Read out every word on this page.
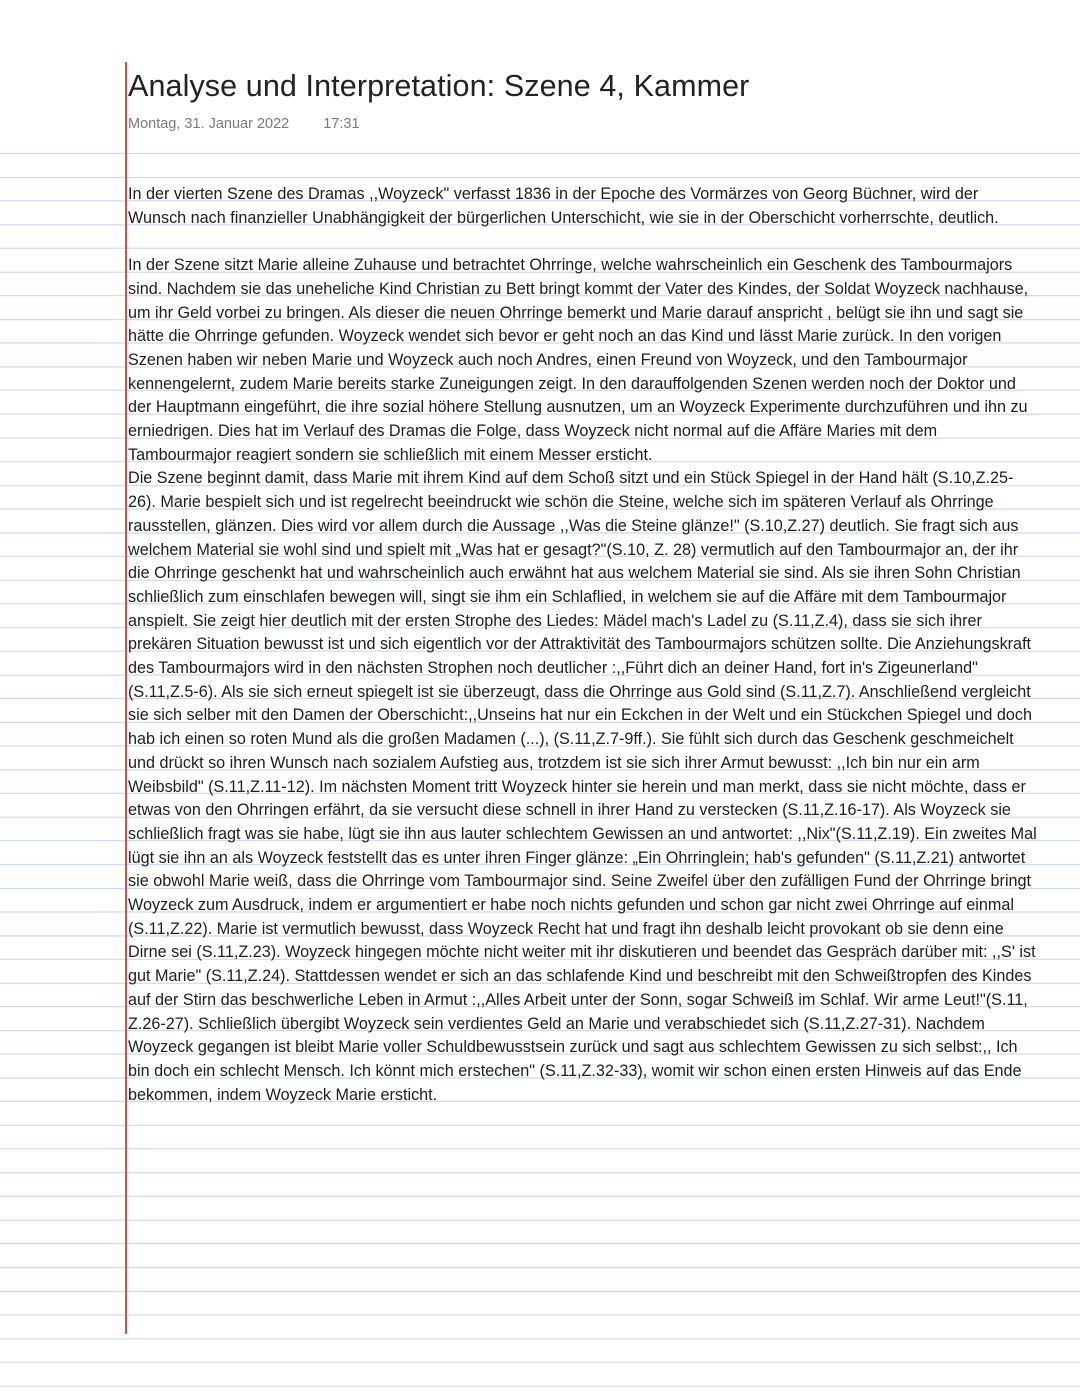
Analyse und Interpretation: Szene 4, Kammer
Montag, 31. Januar 2022 17:31

In der vierten Szene des Dramas ,,Woyzeck" verfasst 1836 in der Epoche des Vormärzes von Georg Büchner, wird der Wunsch nach finanzieller Unabhängigkeit der bürgerlichen Unterschicht, wie sie in der Oberschicht vorherrschte, deutlich.

In der Szene sitzt Marie alleine Zuhause und betrachtet Ohrringe, welche wahrscheinlich ein Geschenk des Tambourmajors sind. Nachdem sie das uneheliche Kind Christian zu Bett bringt kommt der Vater des Kindes, der Soldat Woyzeck nachhause, um ihr Geld vorbei zu bringen. Als dieser die neuen Ohrringe bemerkt und Marie darauf anspricht , belügt sie ihn und sagt sie hätte die Ohrringe gefunden. Woyzeck wendet sich bevor er geht noch an das Kind und lässt Marie zurück. In den vorigen Szenen haben wir neben Marie und Woyzeck auch noch Andres, einen Freund von Woyzeck, und den Tambourmajor kennengelernt, zudem Marie bereits starke Zuneigungen zeigt. In den darauffolgenden Szenen werden noch der Doktor und der Hauptmann eingeführt, die ihre sozial höhere Stellung ausnutzen, um an Woyzeck Experimente durchzuführen und ihn zu erniedrigen. Dies hat im Verlauf des Dramas die Folge, dass Woyzeck nicht normal auf die Affäre Maries mit dem Tambourmajor reagiert sondern sie schließlich mit einem Messer ersticht.

Die Szene beginnt damit, dass Marie mit ihrem Kind auf dem Schoß sitzt und ein Stück Spiegel in der Hand hält (S.10,Z.25-26). Marie bespielt sich und ist regelrecht beeindruckt wie schön die Steine, welche sich im späteren Verlauf als Ohrringe rausstellen, glänzen. Dies wird vor allem durch die Aussage ,,Was die Steine glänze!" (S.10,Z.27) deutlich. Sie fragt sich aus welchem Material sie wohl sind und spielt mit „Was hat er gesagt?"(S.10, Z. 28) vermutlich auf den Tambourmajor an, der ihr die Ohrringe geschenkt hat und wahrscheinlich auch erwähnt hat aus welchem Material sie sind. Als sie ihren Sohn Christian schließlich zum einschlafen bewegen will, singt sie ihm ein Schlaflied, in welchem sie auf die Affäre mit dem Tambourmajor anspielt. Sie zeigt hier deutlich mit der ersten Strophe des Liedes: Mädel mach's Ladel zu (S.11,Z.4), dass sie sich ihrer prekären Situation bewusst ist und sich eigentlich vor der Attraktivität des Tambourmajors schützen sollte. Die Anziehungskraft des Tambourmajors wird in den nächsten Strophen noch deutlicher :,,Führt dich an deiner Hand, fort in's Zigeunerland"(S.11,Z.5-6). Als sie sich erneut spiegelt ist sie überzeugt, dass die Ohrringe aus Gold sind (S.11,Z.7). Anschließend vergleicht sie sich selber mit den Damen der Oberschicht:,,Unseins hat nur ein Eckchen in der Welt und ein Stückchen Spiegel und doch hab ich einen so roten Mund als die großen Madamen (...), (S.11,Z.7-9ff.). Sie fühlt sich durch das Geschenk geschmeichelt und drückt so ihren Wunsch nach sozialem Aufstieg aus, trotzdem ist sie sich ihrer Armut bewusst: ,,Ich bin nur ein arm Weibsbild" (S.11,Z.11-12). Im nächsten Moment tritt Woyzeck hinter sie herein und man merkt, dass sie nicht möchte, dass er etwas von den Ohrringen erfährt, da sie versucht diese schnell in ihrer Hand zu verstecken (S.11,Z.16-17). Als Woyzeck sie schließlich fragt was sie habe, lügt sie ihn aus lauter schlechtem Gewissen an und antwortet: ,,Nix"(S.11,Z.19). Ein zweites Mal lügt sie ihn an als Woyzeck feststellt das es unter ihren Finger glänze: „Ein Ohrringlein; hab's gefunden" (S.11,Z.21) antwortet sie obwohl Marie weiß, dass die Ohrringe vom Tambourmajor sind. Seine Zweifel über den zufälligen Fund der Ohrringe bringt Woyzeck zum Ausdruck, indem er argumentiert er habe noch nichts gefunden und schon gar nicht zwei Ohrringe auf einmal (S.11,Z.22). Marie ist vermutlich bewusst, dass Woyzeck Recht hat und fragt ihn deshalb leicht provokant ob sie denn eine Dirne sei (S.11,Z.23). Woyzeck hingegen möchte nicht weiter mit ihr diskutieren und beendet das Gespräch darüber mit: ,,S' ist gut Marie" (S.11,Z.24). Stattdessen wendet er sich an das schlafende Kind und beschreibt mit den Schweißtropfen des Kindes auf der Stirn das beschwerliche Leben in Armut :,,Alles Arbeit unter der Sonn, sogar Schweiß im Schlaf. Wir arme Leut!"(S.11, Z.26-27). Schließlich übergibt Woyzeck sein verdientes Geld an Marie und verabschiedet sich (S.11,Z.27-31). Nachdem Woyzeck gegangen ist bleibt Marie voller Schuldbewusstsein zurück und sagt aus schlechtem Gewissen zu sich selbst:,, Ich bin doch ein schlecht Mensch. Ich könnt mich erstechen" (S.11,Z.32-33), womit wir schon einen ersten Hinweis auf das Ende bekommen, indem Woyzeck Marie ersticht.
